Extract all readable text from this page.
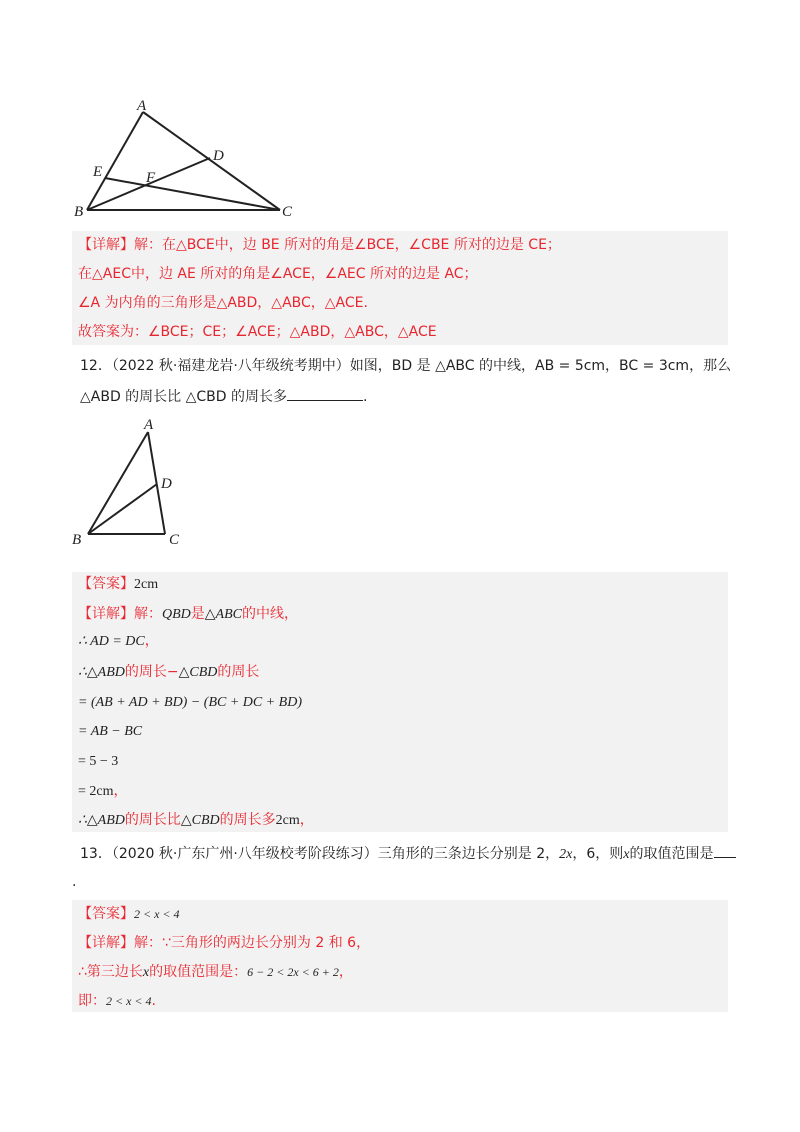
A
B	C
D
E	F
【详解】解：在△BCE中，边 BE 所对的角是∠BCE，∠CBE 所对的边是 CE；
在△AEC中，边 AE 所对的角是∠ACE，∠AEC 所对的边是 AC；
∠A 为内角的三角形是△ABD，△ABC，△ACE.
故答案为：∠BCE；CE；∠ACE；△ABD，△ABC，△ACE
12．（2022 秋·福建龙岩·八年级统考期中）如图，BD 是 △ABC 的中线，AB = 5cm，BC = 3cm，那么
△ABD 的周长比 △CBD 的周长多	.
A
B	C
D
【答案】2cm
【详解】解：QBD是△ABC的中线，
∴ AD = DC，
∴△ABD的周长−△CBD的周长
= (AB + AD + BD) − (BC + DC + BD)
= AB − BC
= 5 − 3
= 2cm，
∴△ABD的周长比△CBD的周长多2cm，
13．（2020 秋·广东广州·八年级校考阶段练习）三角形的三条边长分别是 2，2x，6，则x的取值范围是
.
【答案】2 < x < 4
【详解】解：∵三角形的两边长分别为 2 和 6，
∴第三边长x的取值范围是：6 − 2 < 2x < 6 + 2，
即：2 < x < 4.
